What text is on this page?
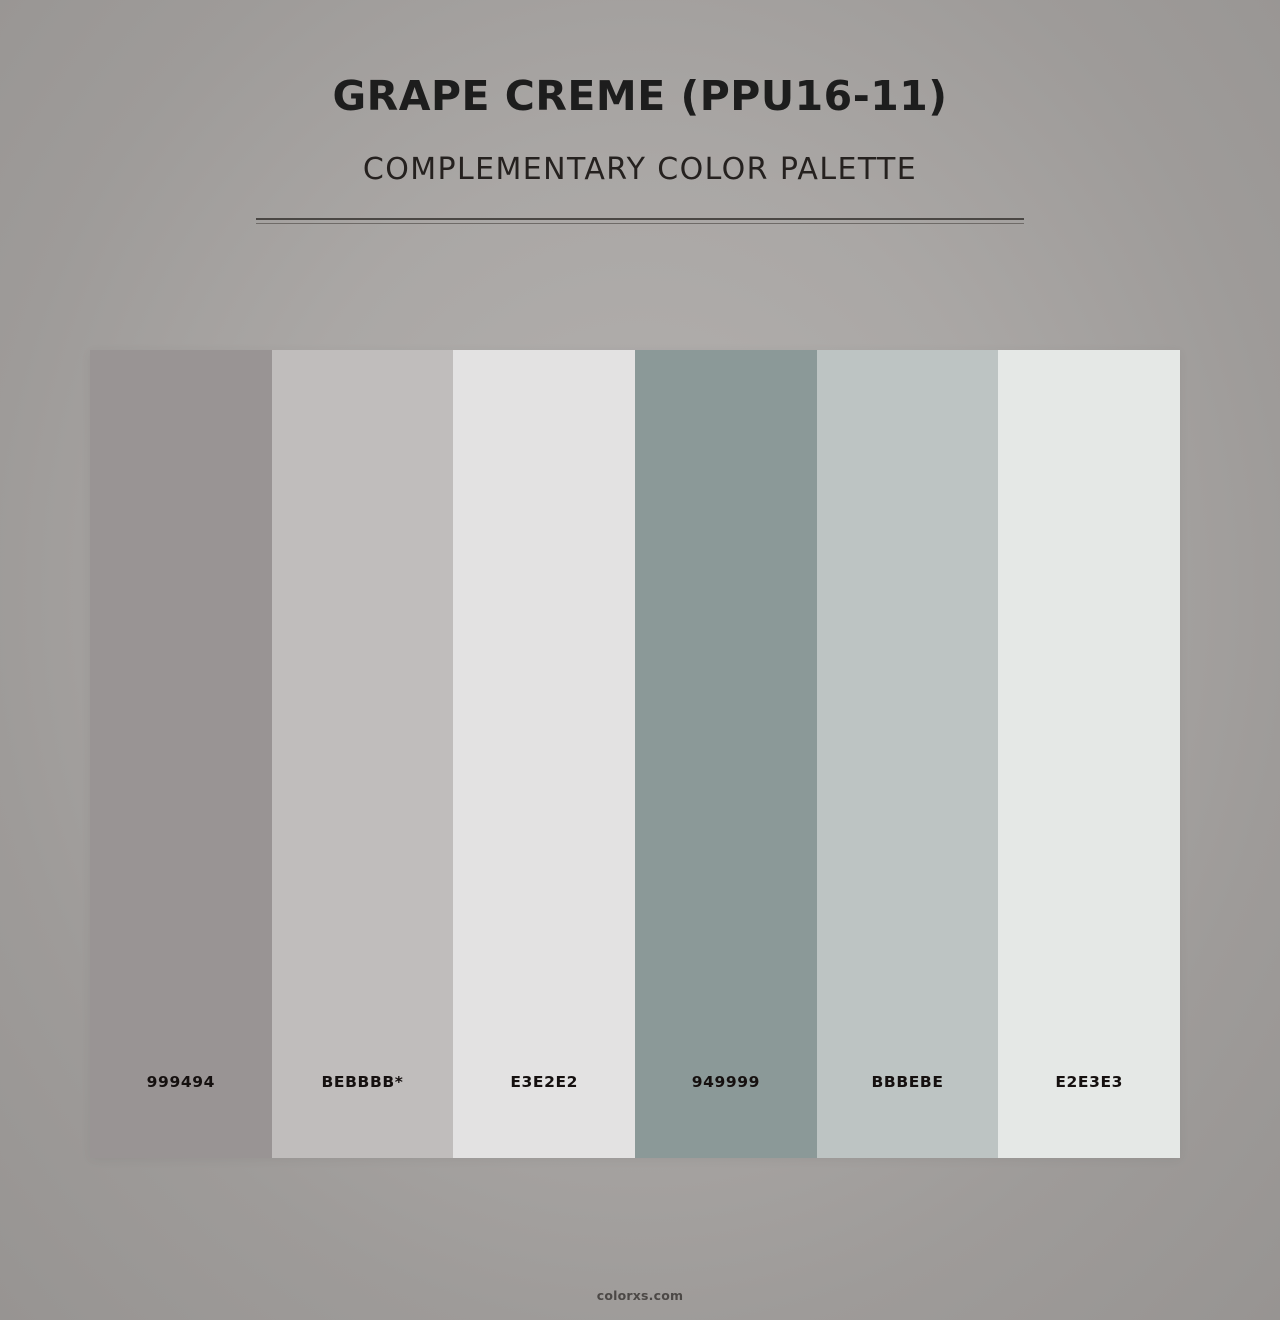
GRAPE CREME (PPU16-11)
COMPLEMENTARY COLOR PALETTE
999494	BEBBBB*	E3E2E2	949999	BBBEBE	E2E3E3
colorxs.com
